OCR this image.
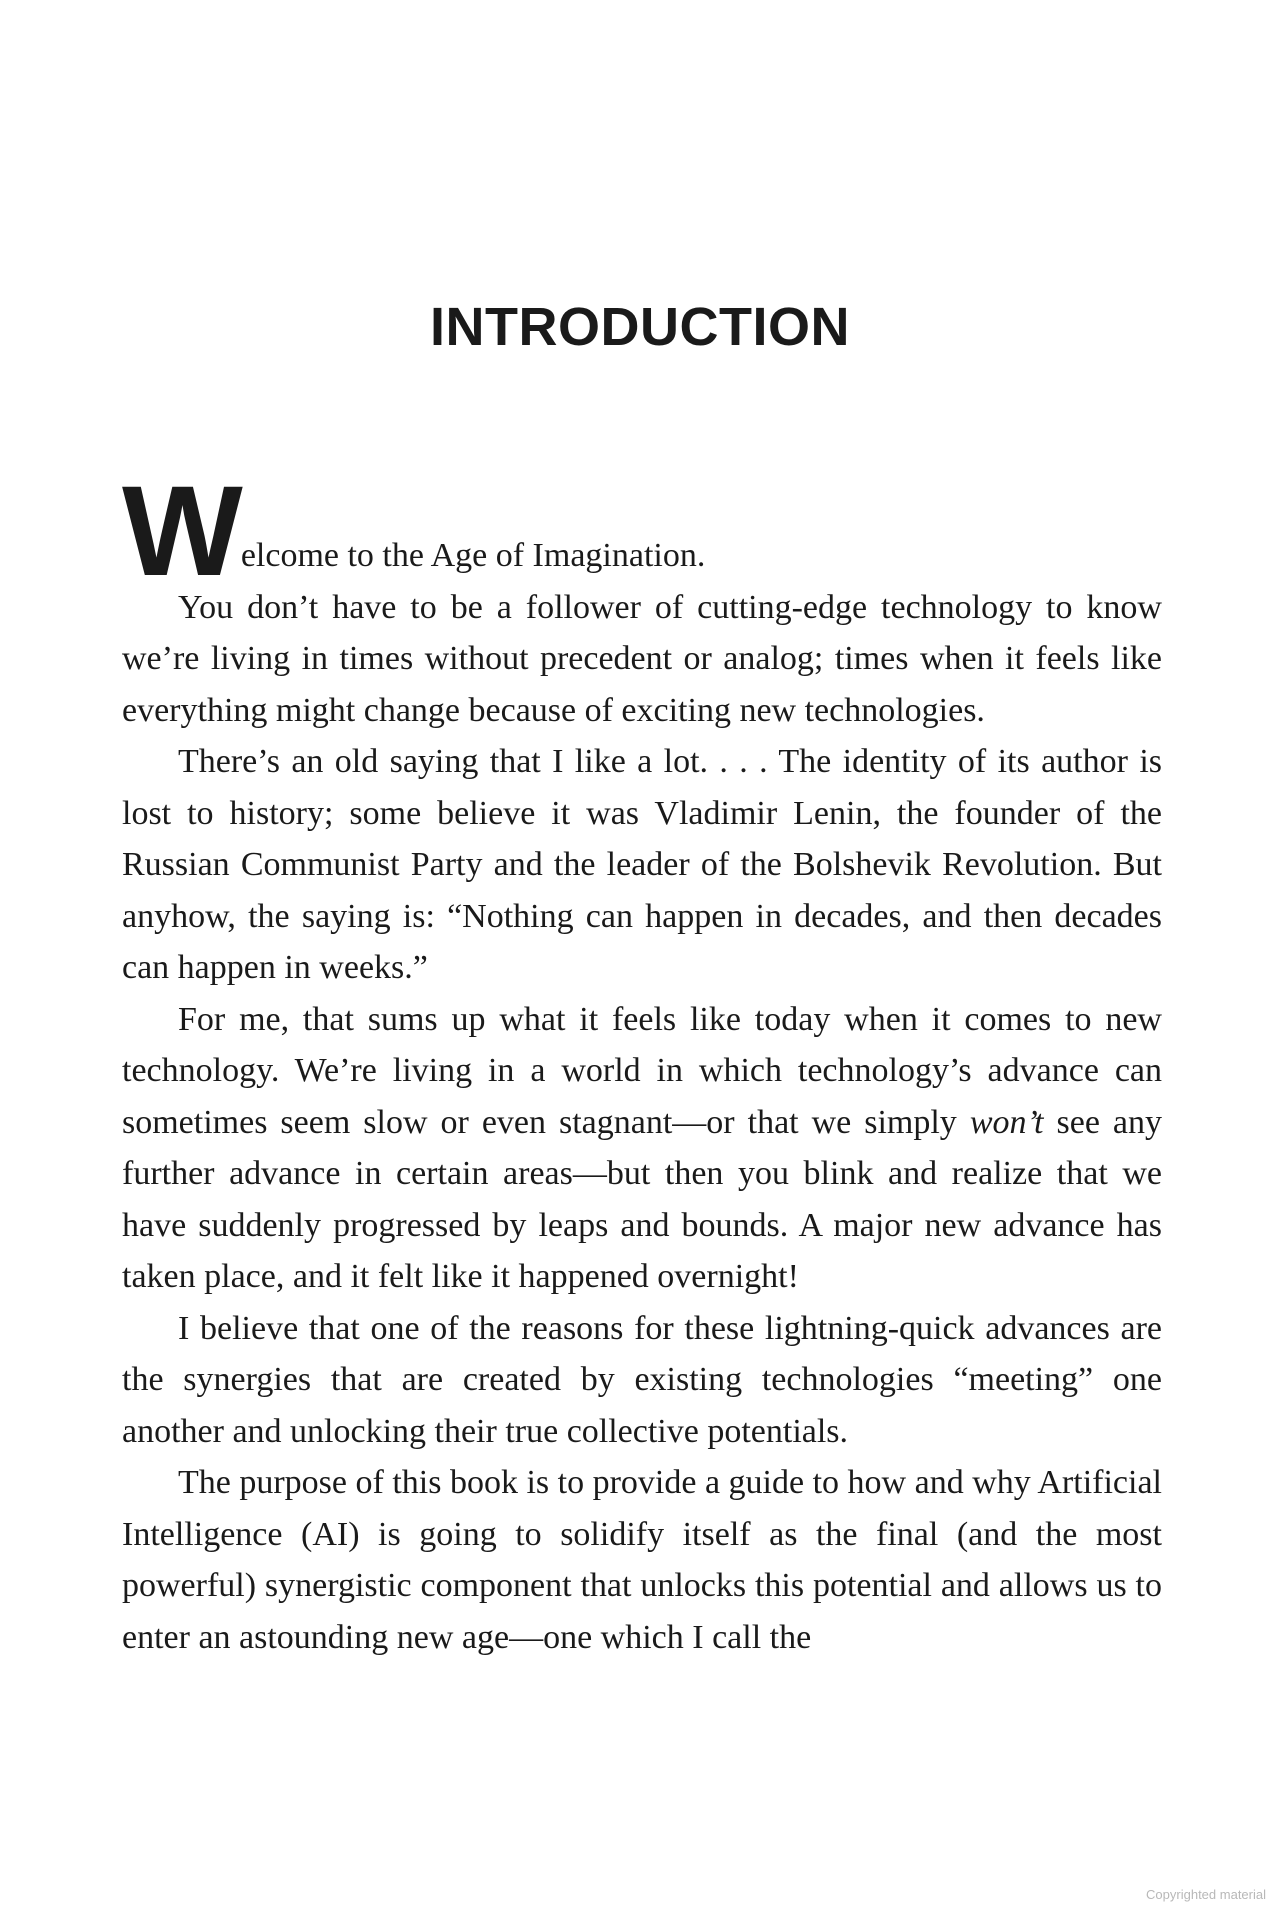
INTRODUCTION

W elcome to the Age of Imagination.

You don’t have to be a follower of cutting-edge technology to know we’re living in times without precedent or analog; times when it feels like everything might change because of exciting new technologies.

There’s an old saying that I like a lot. . . . The identity of its author is lost to history; some believe it was Vladimir Lenin, the founder of the Russian Communist Party and the leader of the Bolshevik Revolution. But anyhow, the saying is: “Nothing can happen in decades, and then decades can happen in weeks.”

For me, that sums up what it feels like today when it comes to new technology. We’re living in a world in which technology’s advance can sometimes seem slow or even stagnant—or that we simply won’t see any further advance in certain areas—but then you blink and realize that we have suddenly progressed by leaps and bounds. A major new advance has taken place, and it felt like it happened overnight!

I believe that one of the reasons for these lightning-quick advances are the synergies that are created by existing technologies “meeting” one another and unlocking their true collective potentials.

The purpose of this book is to provide a guide to how and why Artificial Intelligence (AI) is going to solidify itself as the final (and the most powerful) synergistic component that unlocks this potential and allows us to enter an astounding new age—one which I call the

Copyrighted material
